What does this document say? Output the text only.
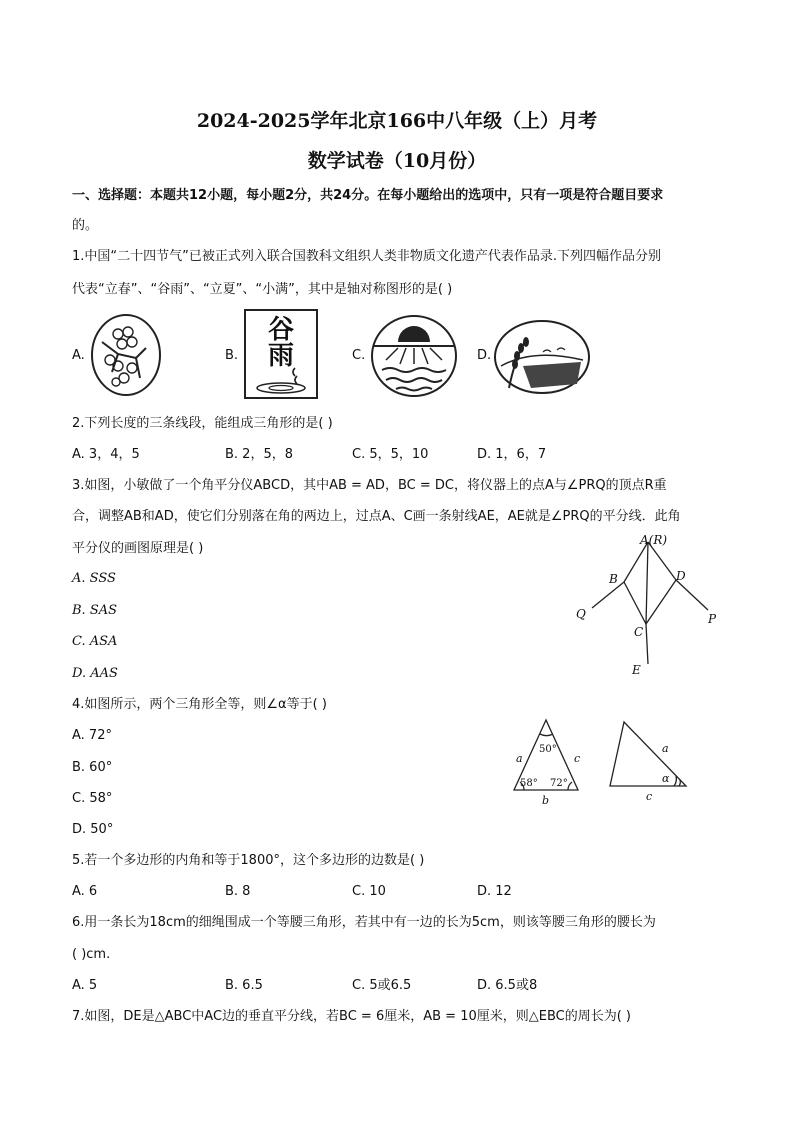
2024-2025学年北京166中八年级（上）月考
数学试卷（10月份）
一、选择题：本题共12小题，每小题2分，共24分。在每小题给出的选项中，只有一项是符合题目要求
的。
1.中国“二十四节气”已被正式列入联合国教科文组织人类非物质文化遗产代表作品录.下列四幅作品分别
代表“立春”、“谷雨”、“立夏”、“小满”，其中是轴对称图形的是( )
A.	B.
谷
雨	C.	D.
2.下列长度的三条线段，能组成三角形的是( )
A. 3，4，5	B. 2，5，8	C. 5，5，10	D. 1，6，7
3.如图，小敏做了一个角平分仪ABCD，其中AB = AD，BC = DC，将仪器上的点A与∠PRQ的顶点R重
合，调整AB和AD，使它们分别落在角的两边上，过点A、C画一条射线AE，AE就是∠PRQ的平分线．此角
平分仪的画图原理是( )
A. SSS
B. SAS
C. ASA
D. AAS
A(R)
B	D
Q	P
C
E
4.如图所示，两个三角形全等，则∠α等于( )
A. 72°
B. 60°
C. 58°
D. 50°
50°
58° 72°
a	c
b
a
c
α
5.若一个多边形的内角和等于1800°，这个多边形的边数是( )
A. 6	B. 8	C. 10	D. 12
6.用一条长为18cm的细绳围成一个等腰三角形，若其中有一边的长为5cm，则该等腰三角形的腰长为
( )cm.
A. 5	B. 6.5	C. 5或6.5	D. 6.5或8
7.如图，DE是△ABC中AC边的垂直平分线，若BC = 6厘米，AB = 10厘米，则△EBC的周长为( )
